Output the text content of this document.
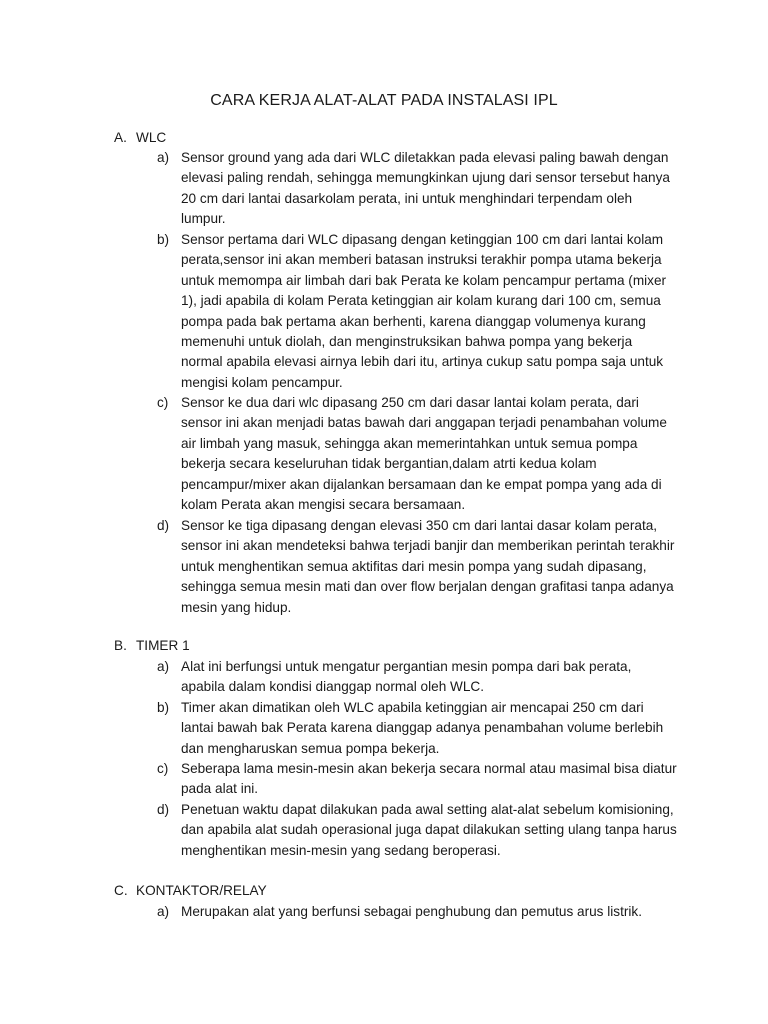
CARA KERJA ALAT-ALAT PADA INSTALASI IPL
A. WLC
a) Sensor ground yang ada dari WLC diletakkan pada elevasi paling bawah dengan elevasi paling rendah, sehingga memungkinkan ujung dari sensor tersebut hanya 20 cm dari lantai dasarkolam perata, ini untuk menghindari terpendam oleh lumpur.
b) Sensor pertama dari WLC dipasang dengan ketinggian 100 cm dari lantai kolam perata,sensor ini akan memberi batasan instruksi terakhir pompa utama bekerja untuk memompa air limbah dari bak Perata ke kolam pencampur pertama (mixer 1), jadi apabila di kolam Perata ketinggian air kolam kurang dari 100 cm, semua pompa pada bak pertama akan berhenti, karena dianggap volumenya kurang memenuhi untuk diolah, dan menginstruksikan bahwa pompa yang bekerja normal apabila elevasi airnya lebih dari itu, artinya cukup satu pompa saja untuk mengisi kolam pencampur.
c) Sensor ke dua dari wlc dipasang 250 cm dari dasar lantai kolam perata, dari sensor ini akan menjadi batas bawah dari anggapan terjadi penambahan volume air limbah yang masuk, sehingga akan memerintahkan untuk semua pompa bekerja secara keseluruhan tidak bergantian,dalam atrti kedua kolam pencampur/mixer akan dijalankan bersamaan dan ke empat pompa yang ada di kolam Perata akan mengisi secara bersamaan.
d) Sensor ke tiga dipasang dengan elevasi 350 cm dari lantai dasar kolam perata, sensor ini akan mendeteksi bahwa terjadi banjir dan memberikan perintah terakhir untuk menghentikan semua aktifitas dari mesin pompa yang sudah dipasang, sehingga semua mesin mati dan over flow berjalan dengan grafitasi tanpa adanya mesin yang hidup.
B. TIMER 1
a) Alat ini berfungsi untuk mengatur pergantian mesin pompa dari bak perata, apabila dalam kondisi dianggap normal oleh WLC.
b) Timer akan dimatikan oleh WLC apabila ketinggian air mencapai 250 cm dari lantai bawah bak Perata karena dianggap adanya penambahan volume berlebih dan mengharuskan semua pompa bekerja.
c) Seberapa lama mesin-mesin akan bekerja secara normal atau masimal bisa diatur pada alat ini.
d) Penetuan waktu dapat dilakukan pada awal setting alat-alat sebelum komisioning, dan apabila alat sudah operasional juga dapat dilakukan setting ulang tanpa harus menghentikan mesin-mesin yang sedang beroperasi.
C. KONTAKTOR/RELAY
a) Merupakan alat yang berfunsi sebagai penghubung dan pemutus arus listrik.
